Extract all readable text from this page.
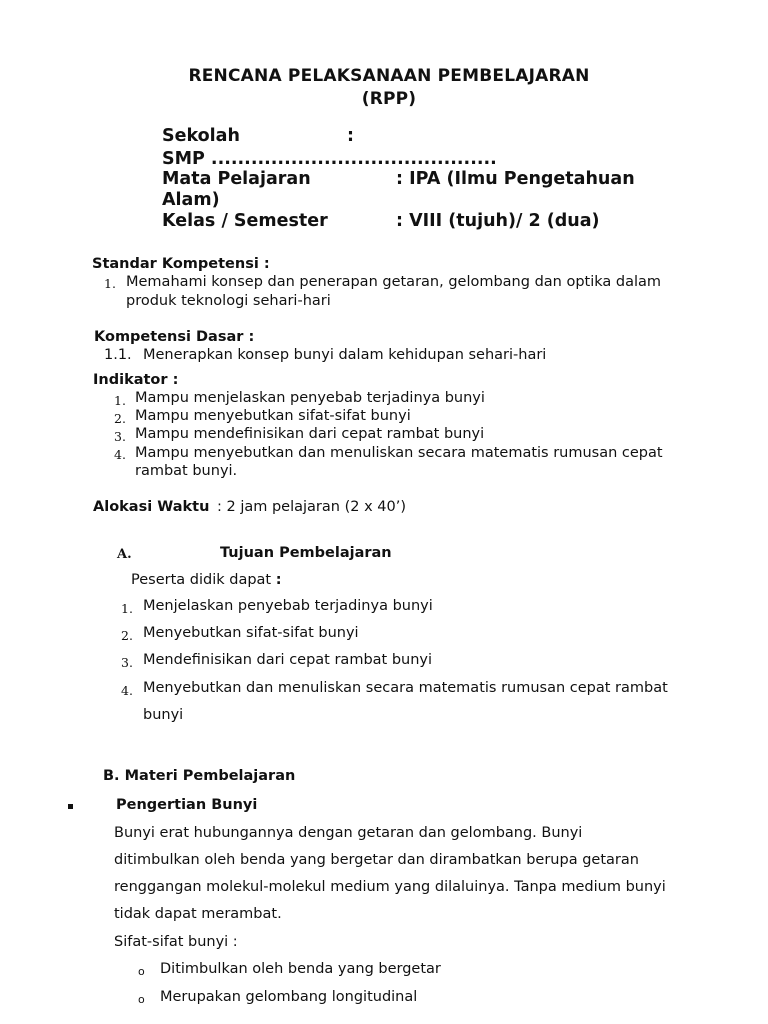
RENCANA PELAKSANAAN PEMBELAJARAN
(RPP)
Sekolah	:
SMP ...........................................
Mata Pelajaran	: IPA (Ilmu Pengetahuan
Alam)
Kelas / Semester	: VIII (tujuh)/ 2 (dua)
Standar Kompetensi :
1. Memahami konsep dan penerapan getaran, gelombang dan optika dalam
produk teknologi sehari-hari
Kompetensi Dasar :
1.1. Menerapkan konsep bunyi dalam kehidupan sehari-hari
Indikator :
1. Mampu menjelaskan penyebab terjadinya bunyi
2. Mampu menyebutkan sifat-sifat bunyi
3. Mampu mendefinisikan dari cepat rambat bunyi
4. Mampu menyebutkan dan menuliskan secara matematis rumusan cepat
rambat bunyi.
Alokasi Waktu : 2 jam pelajaran (2 x 40’)
A.	Tujuan Pembelajaran
Peserta didik dapat :
1. Menjelaskan penyebab terjadinya bunyi
2. Menyebutkan sifat-sifat bunyi
3. Mendefinisikan dari cepat rambat bunyi
4. Menyebutkan dan menuliskan secara matematis rumusan cepat rambat
bunyi
B. Materi Pembelajaran
Pengertian Bunyi
Bunyi erat hubungannya dengan getaran dan gelombang. Bunyi
ditimbulkan oleh benda yang bergetar dan dirambatkan berupa getaran
renggangan molekul-molekul medium yang dilaluinya. Tanpa medium bunyi
tidak dapat merambat.
Sifat-sifat bunyi :
o Ditimbulkan oleh benda yang bergetar
o Merupakan gelombang longitudinal
